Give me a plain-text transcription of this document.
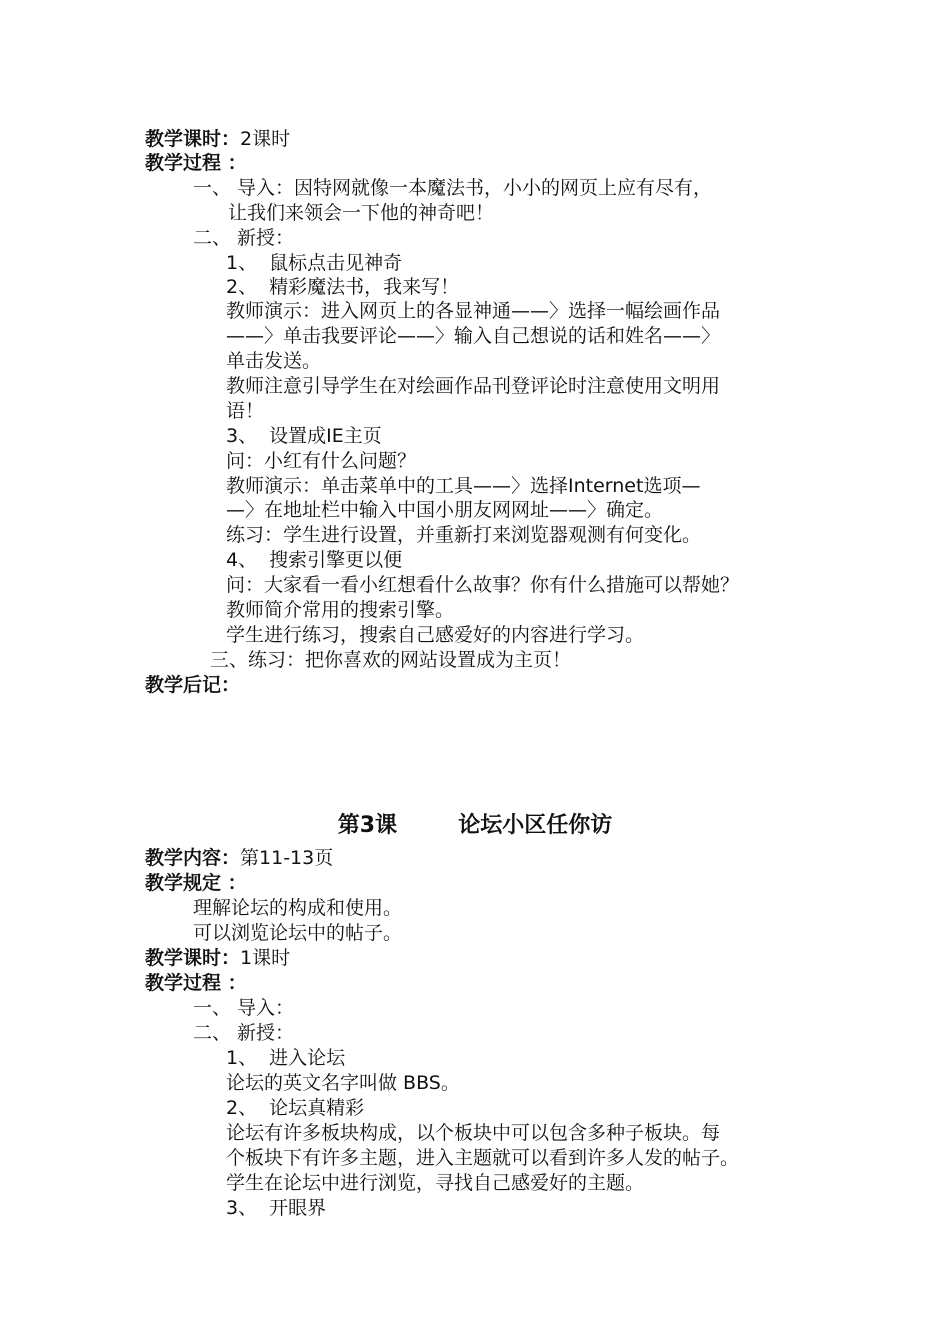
教学课时：2课时
教学过程 ：
一、 导入：因特网就像一本魔法书，小小的网页上应有尽有，
让我们来领会一下他的神奇吧！
二、 新授：
1、  鼠标点击见神奇
2、  精彩魔法书，我来写！
教师演示：进入网页上的各显神通——〉选择一幅绘画作品
——〉单击我要评论——〉输入自己想说的话和姓名——〉
单击发送。
教师注意引导学生在对绘画作品刊登评论时注意使用文明用
语！
3、  设置成IE主页
问：小红有什么问题？
教师演示：单击菜单中的工具——〉选择Internet选项—
—〉在地址栏中输入中国小朋友网网址——〉确定。
练习：学生进行设置，并重新打来浏览器观测有何变化。
4、  搜索引擎更以便
问：大家看一看小红想看什么故事？你有什么措施可以帮她？
教师简介常用的搜索引擎。
学生进行练习，搜索自己感爱好的内容进行学习。
三、练习：把你喜欢的网站设置成为主页！
教学后记：
第3课        论坛小区任你访
教学内容：第11-13页
教学规定 ：
理解论坛的构成和使用。
可以浏览论坛中的帖子。
教学课时：1课时
教学过程 ：
一、 导入：
二、 新授：
1、  进入论坛
论坛的英文名字叫做 BBS。
2、  论坛真精彩
论坛有许多板块构成，以个板块中可以包含多种子板块。每
个板块下有许多主题，进入主题就可以看到许多人发的帖子。
学生在论坛中进行浏览，寻找自己感爱好的主题。
3、  开眼界
